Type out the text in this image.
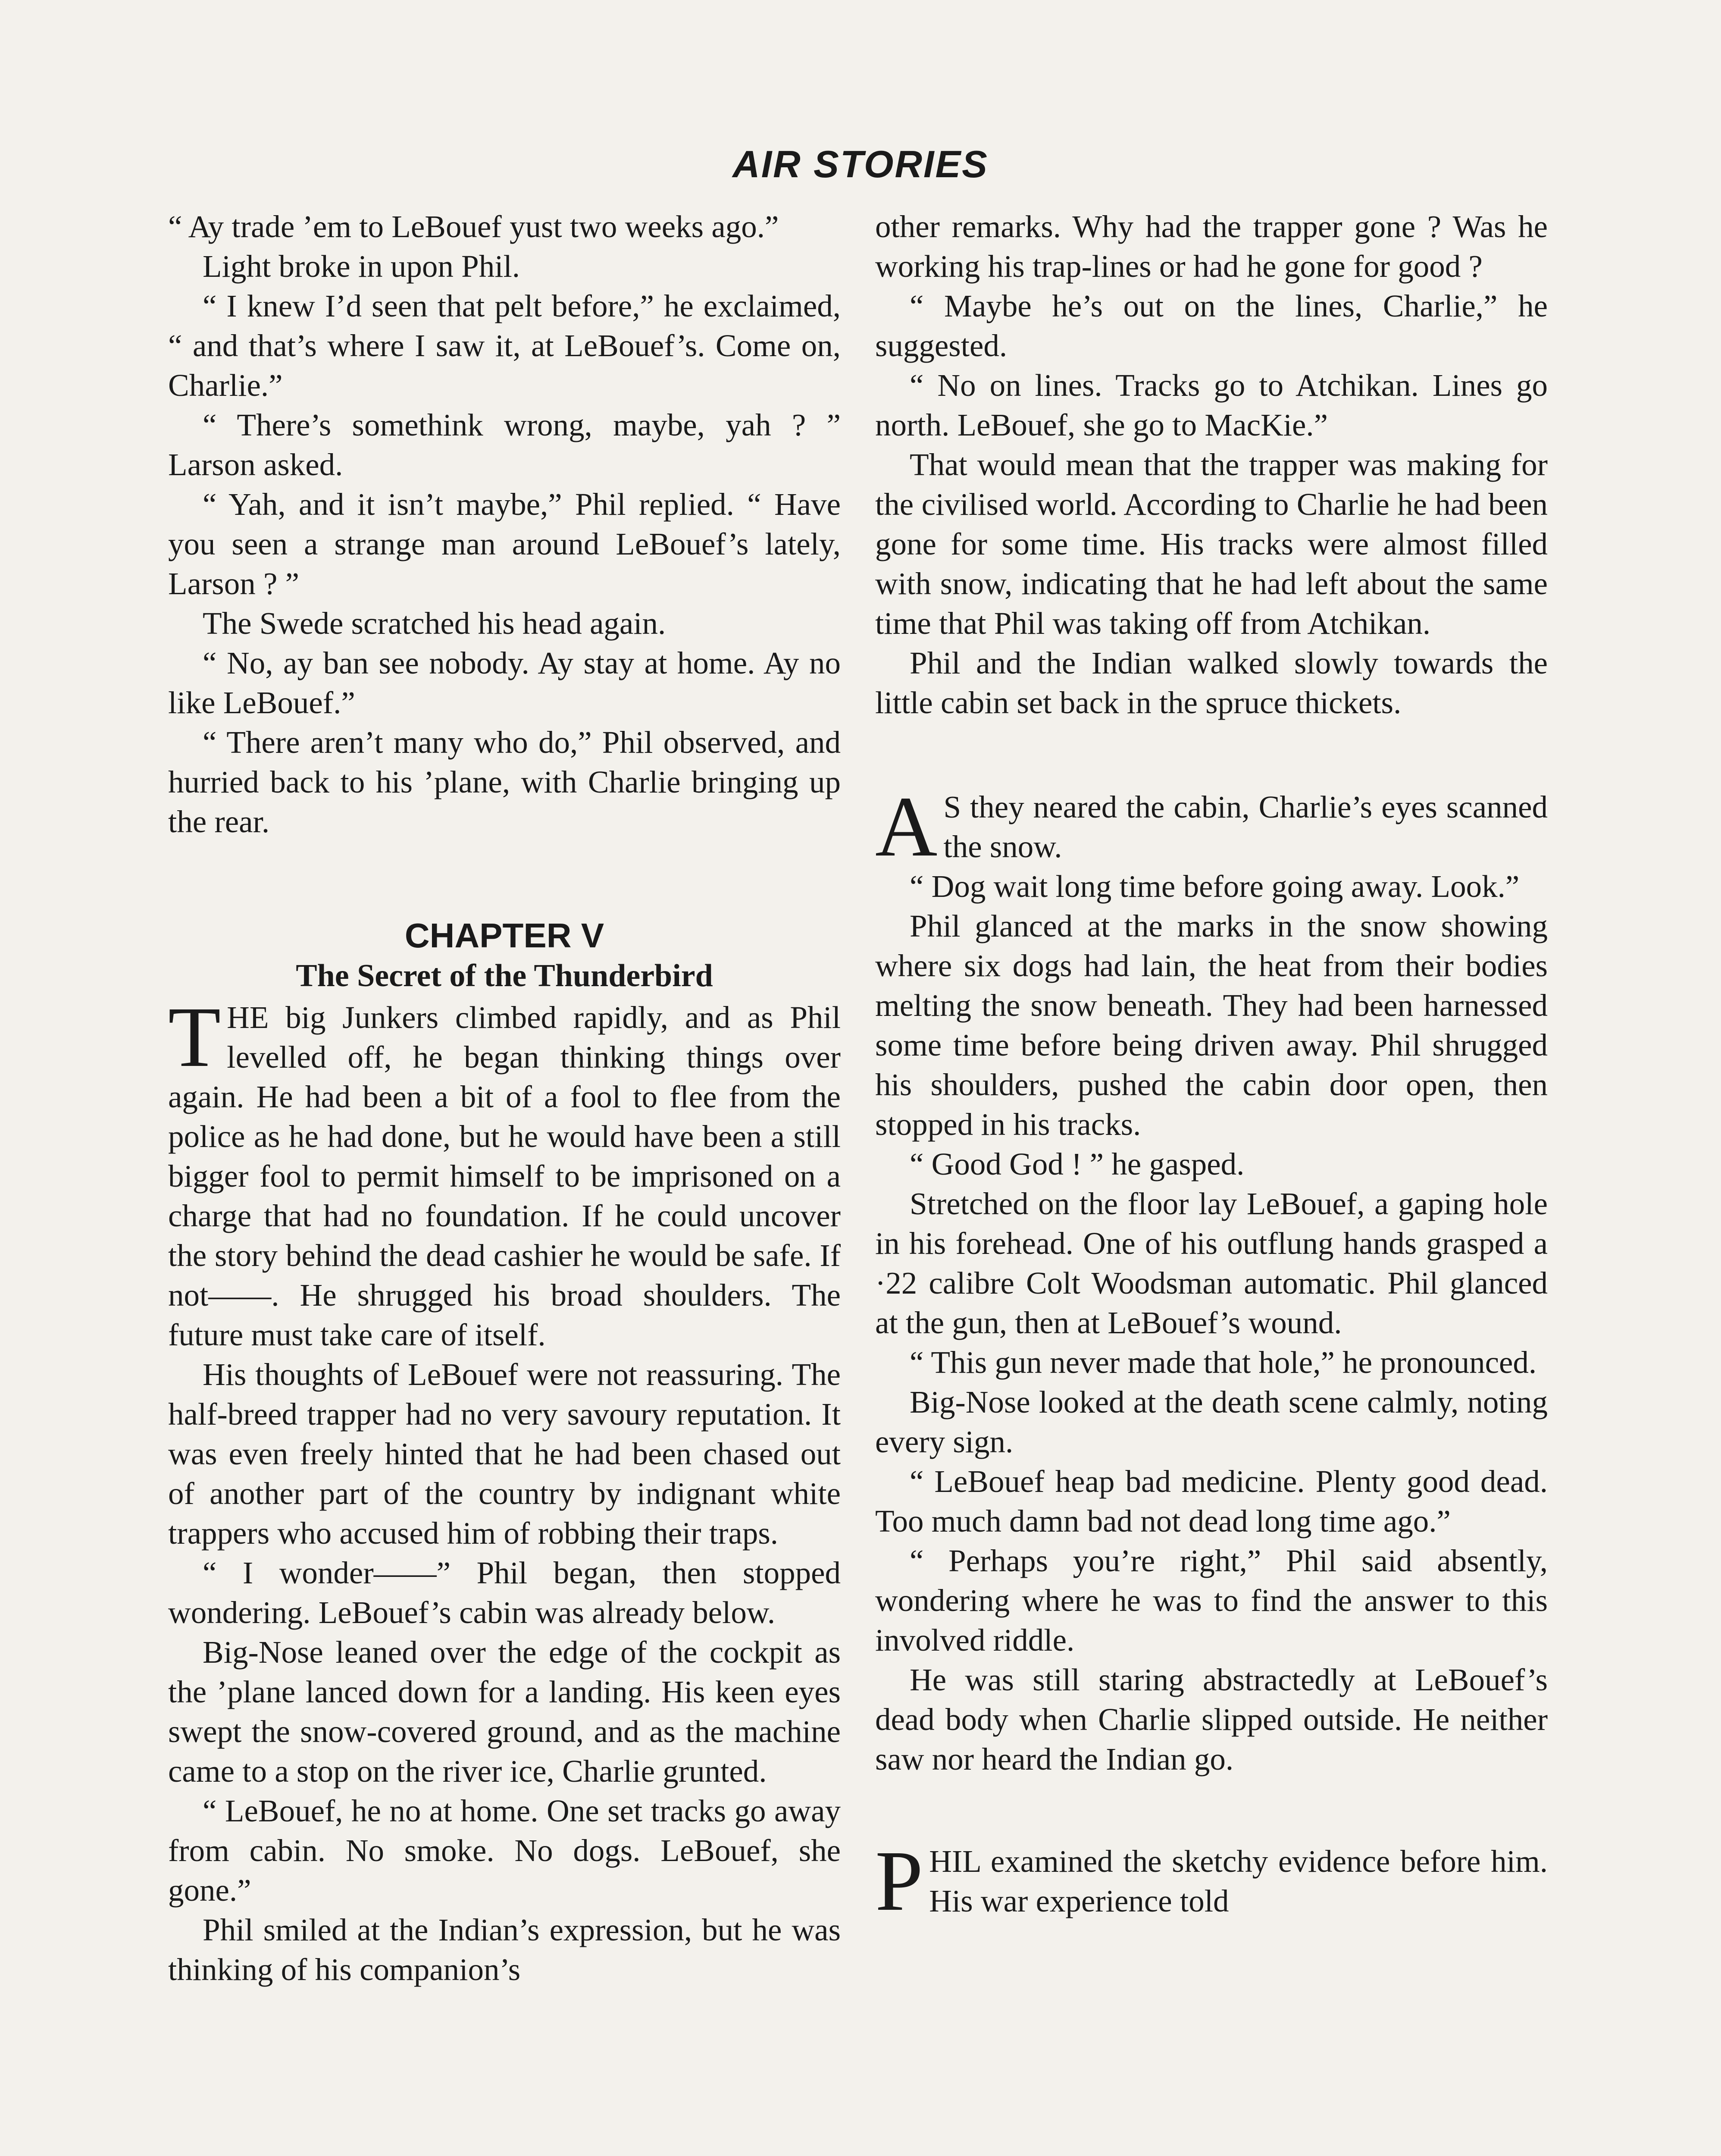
AIR STORIES

“ Ay trade ’em to LeBouef yust two weeks ago.”

Light broke in upon Phil.

“ I knew I’d seen that pelt before,” he exclaimed, “ and that’s where I saw it, at LeBouef’s. Come on, Charlie.”

“ There’s somethink wrong, maybe, yah ? ” Larson asked.

“ Yah, and it isn’t maybe,” Phil replied. “ Have you seen a strange man around LeBouef’s lately, Larson ? ”

The Swede scratched his head again.

“ No, ay ban see nobody. Ay stay at home. Ay no like LeBouef.”

“ There aren’t many who do,” Phil observed, and hurried back to his ’plane, with Charlie bringing up the rear.

CHAPTER V
The Secret of the Thunderbird

THE big Junkers climbed rapidly, and as Phil levelled off, he began thinking things over again. He had been a bit of a fool to flee from the police as he had done, but he would have been a still bigger fool to permit himself to be imprisoned on a charge that had no foundation. If he could uncover the story behind the dead cashier he would be safe. If not——. He shrugged his broad shoulders. The future must take care of itself.

His thoughts of LeBouef were not reassuring. The half-breed trapper had no very savoury reputation. It was even freely hinted that he had been chased out of another part of the country by indignant white trappers who accused him of robbing their traps.

“ I wonder——” Phil began, then stopped wondering. LeBouef’s cabin was already below.

Big-Nose leaned over the edge of the cockpit as the ’plane lanced down for a landing. His keen eyes swept the snow-covered ground, and as the machine came to a stop on the river ice, Charlie grunted.

“ LeBouef, he no at home. One set tracks go away from cabin. No smoke. No dogs. LeBouef, she gone.”

Phil smiled at the Indian’s expression, but he was thinking of his companion’s

other remarks. Why had the trapper gone ? Was he working his trap-lines or had he gone for good ?

“ Maybe he’s out on the lines, Charlie,” he suggested.

“ No on lines. Tracks go to Atchikan. Lines go north. LeBouef, she go to MacKie.”

That would mean that the trapper was making for the civilised world. According to Charlie he had been gone for some time. His tracks were almost filled with snow, indicating that he had left about the same time that Phil was taking off from Atchikan.

Phil and the Indian walked slowly towards the little cabin set back in the spruce thickets.

A S they neared the cabin, Charlie’s eyes scanned the snow.

“ Dog wait long time before going away. Look.”

Phil glanced at the marks in the snow showing where six dogs had lain, the heat from their bodies melting the snow beneath. They had been harnessed some time before being driven away. Phil shrugged his shoulders, pushed the cabin door open, then stopped in his tracks.

“ Good God ! ” he gasped.

Stretched on the floor lay LeBouef, a gaping hole in his forehead. One of his outflung hands grasped a ·22 calibre Colt Woodsman automatic. Phil glanced at the gun, then at LeBouef’s wound.

“ This gun never made that hole,” he pronounced.

Big-Nose looked at the death scene calmly, noting every sign.

“ LeBouef heap bad medicine. Plenty good dead. Too much damn bad not dead long time ago.”

“ Perhaps you’re right,” Phil said absently, wondering where he was to find the answer to this involved riddle.

He was still staring abstractedly at LeBouef’s dead body when Charlie slipped outside. He neither saw nor heard the Indian go.

PHIL examined the sketchy evidence before him. His war experience told
